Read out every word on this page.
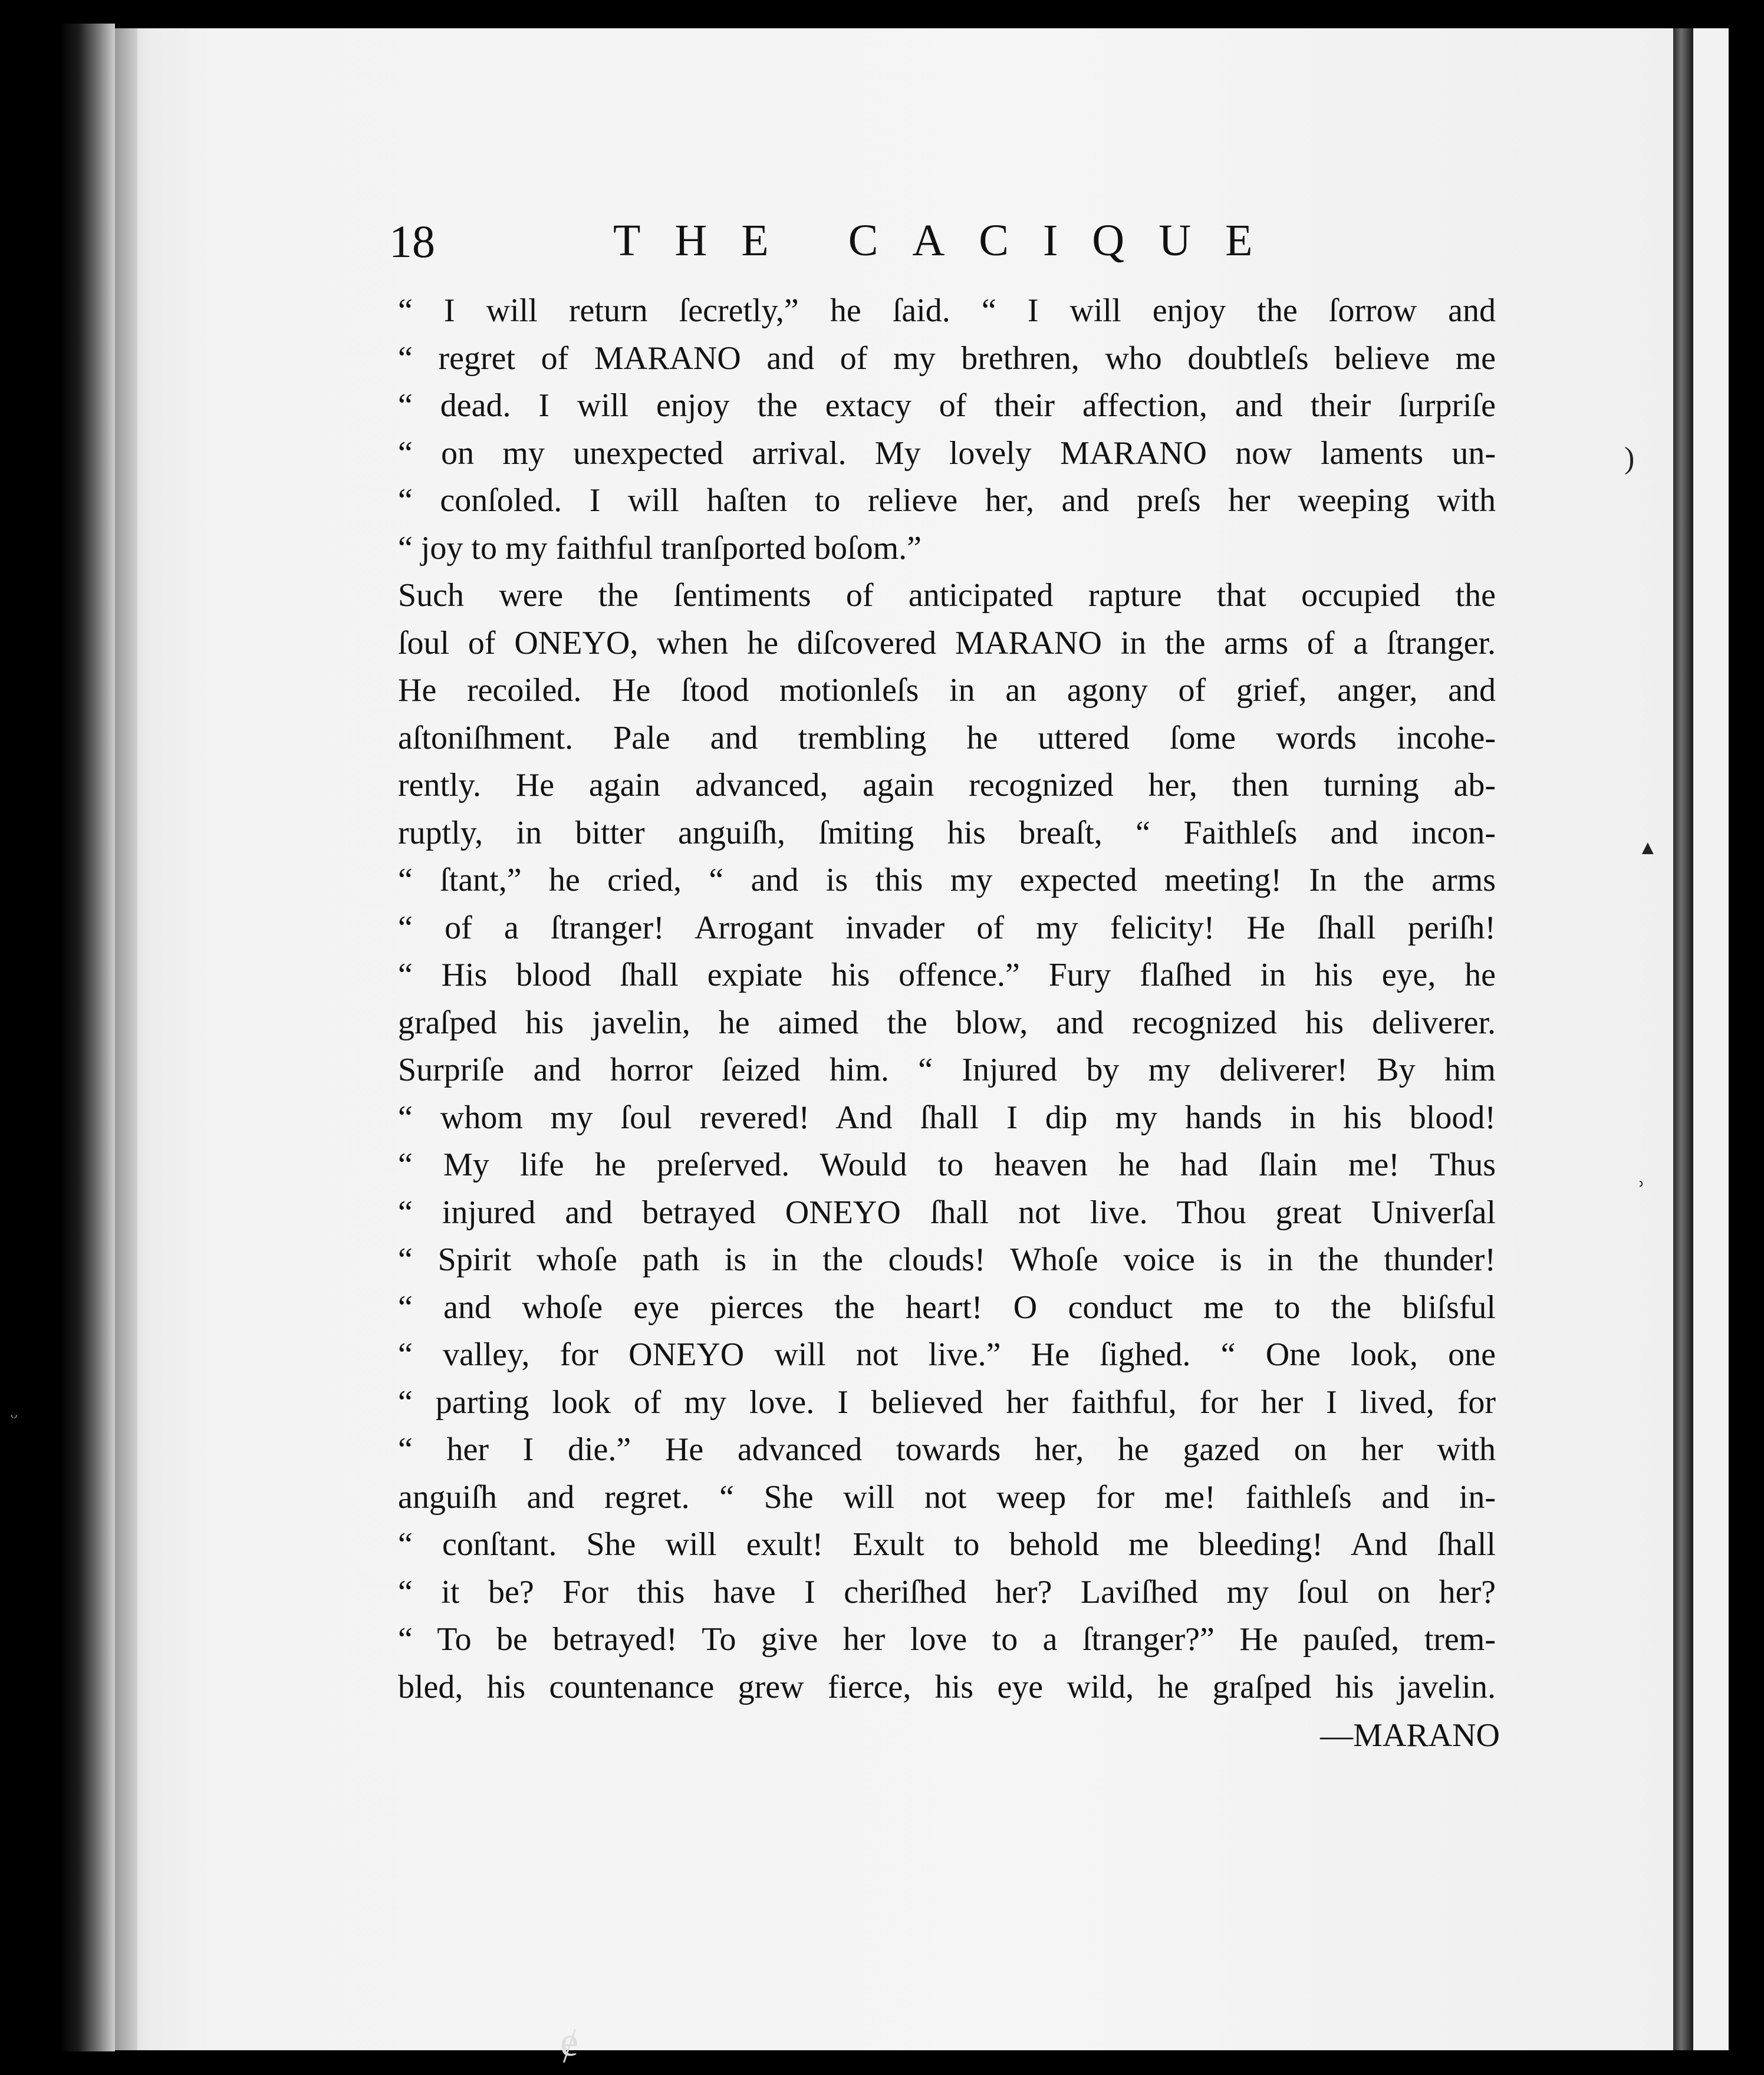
18	THE CACIQUE
“ I will return ſecretly,” he ſaid. “ I will enjoy the ſorrow and
“ regret of MARANO and of my brethren, who doubtleſs believe me
“ dead. I will enjoy the extacy of their affection, and their ſurpriſe
“ on my unexpected arrival. My lovely MARANO now laments un-
“ conſoled. I will haſten to relieve her, and preſs her weeping with
“ joy to my faithful tranſported boſom.”
Such were the ſentiments of anticipated rapture that occupied the
ſoul of ONEYO, when he diſcovered MARANO in the arms of a ſtranger.
He recoiled. He ſtood motionleſs in an agony of grief, anger, and
aſtoniſhment. Pale and trembling he uttered ſome words incohe-
rently. He again advanced, again recognized her, then turning ab-
ruptly, in bitter anguiſh, ſmiting his breaſt, “ Faithleſs and incon-
“ ſtant,” he cried, “ and is this my expected meeting! In the arms
“ of a ſtranger! Arrogant invader of my felicity! He ſhall periſh!
“ His blood ſhall expiate his offence.” Fury flaſhed in his eye, he
graſped his javelin, he aimed the blow, and recognized his deliverer.
Surpriſe and horror ſeized him. “ Injured by my deliverer! By him
“ whom my ſoul revered! And ſhall I dip my hands in his blood!
“ My life he preſerved. Would to heaven he had ſlain me! Thus
“ injured and betrayed ONEYO ſhall not live. Thou great Univerſal
“ Spirit whoſe path is in the clouds! Whoſe voice is in the thunder!
“ and whoſe eye pierces the heart! O conduct me to the bliſsful
“ valley, for ONEYO will not live.” He ſighed. “ One look, one
“ parting look of my love. I believed her faithful, for her I lived, for
“ her I die.” He advanced towards her, he gazed on her with
anguiſh and regret. “ She will not weep for me! faithleſs and in-
“ conſtant. She will exult! Exult to behold me bleeding! And ſhall
“ it be? For this have I cheriſhed her? Laviſhed my ſoul on her?
“ To be betrayed! To give her love to a ſtranger?” He pauſed, trem-
bled, his countenance grew fierce, his eye wild, he graſped his javelin.
—MARANO
)
▲
ʾ
ᵕ
ɇ
